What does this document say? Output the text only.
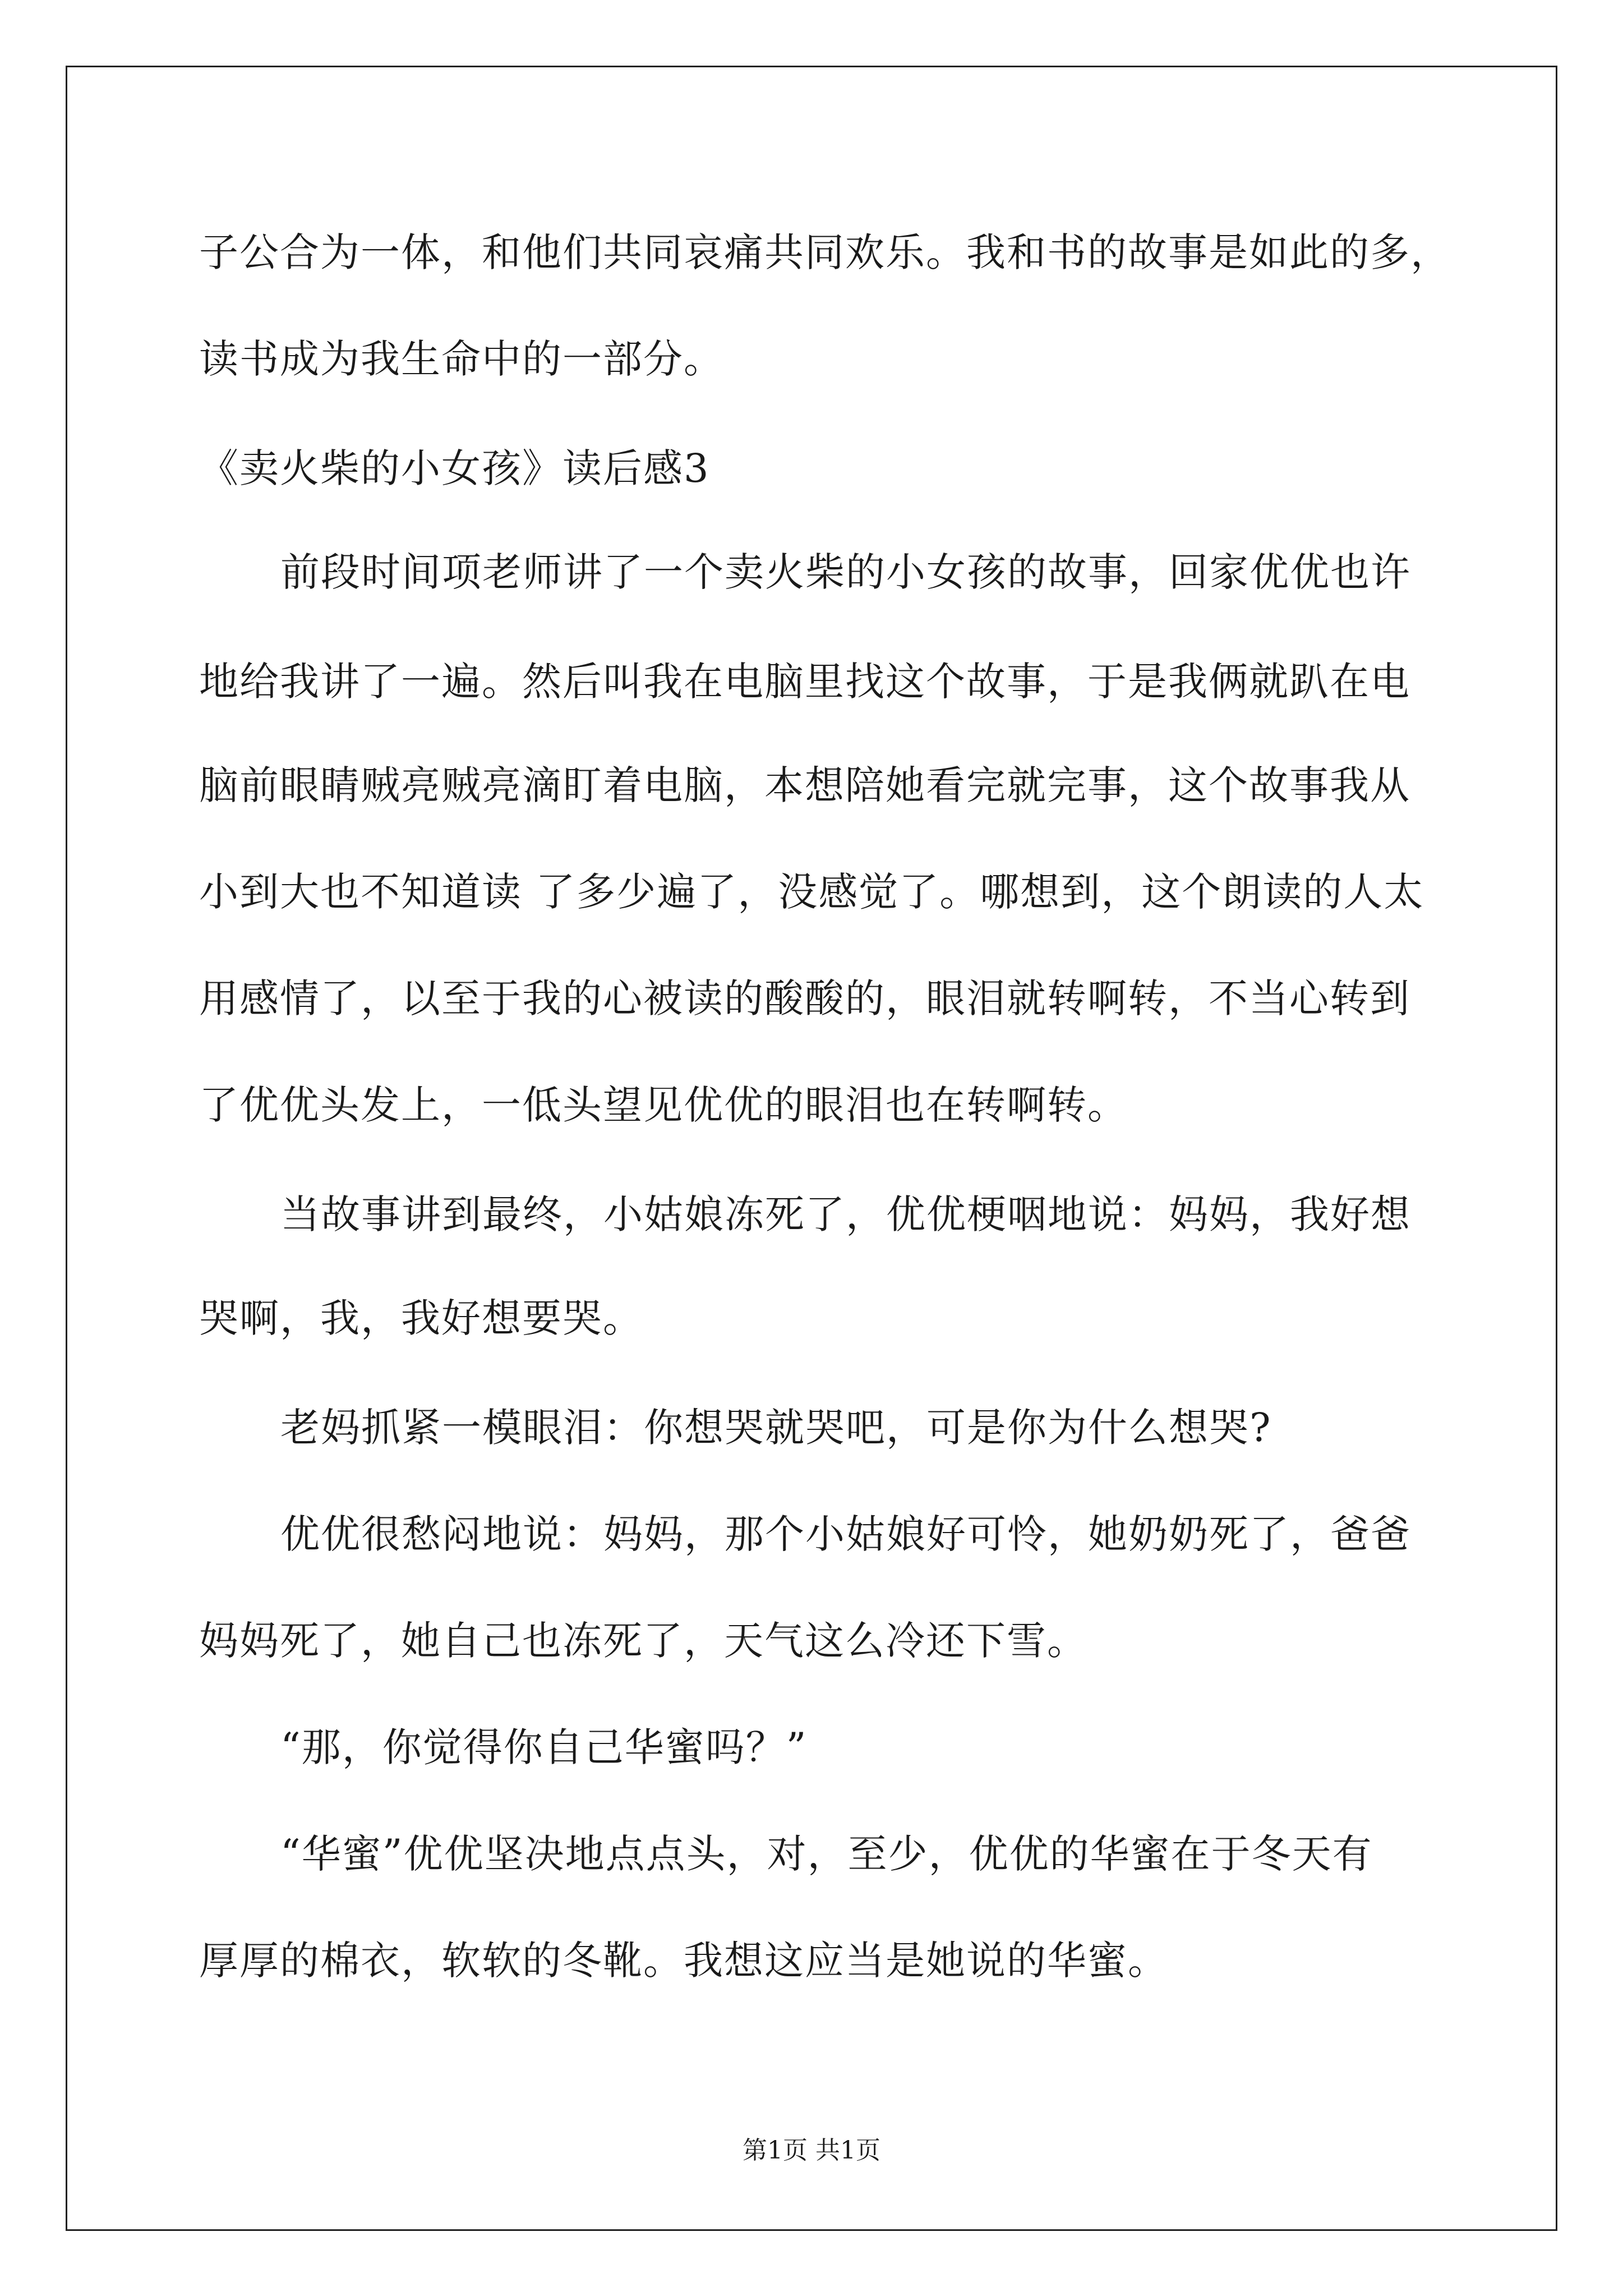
子公合为一体，和他们共同哀痛共同欢乐。我和书的故事是如此的多，
读书成为我生命中的一部分。
《卖火柴的小女孩》读后感3
前段时间项老师讲了一个卖火柴的小女孩的故事，回家优优也许
地给我讲了一遍。然后叫我在电脑里找这个故事，于是我俩就趴在电
脑前眼睛贼亮贼亮滴盯着电脑，本想陪她看完就完事，这个故事我从
小到大也不知道读 了多少遍了，没感觉了。哪想到，这个朗读的人太
用感情了，以至于我的心被读的酸酸的，眼泪就转啊转，不当心转到
了优优头发上，一低头望见优优的眼泪也在转啊转。
当故事讲到最终，小姑娘冻死了，优优梗咽地说：妈妈，我好想
哭啊，我，我好想要哭。
老妈抓紧一模眼泪：你想哭就哭吧，可是你为什么想哭?
优优很愁闷地说：妈妈，那个小姑娘好可怜，她奶奶死了，爸爸
妈妈死了，她自己也冻死了，天气这么冷还下雪。
“那，你觉得你自己华蜜吗？”
“华蜜”优优坚决地点点头，对，至少，优优的华蜜在于冬天有
厚厚的棉衣，软软的冬靴。我想这应当是她说的华蜜。
第1页 共1页
